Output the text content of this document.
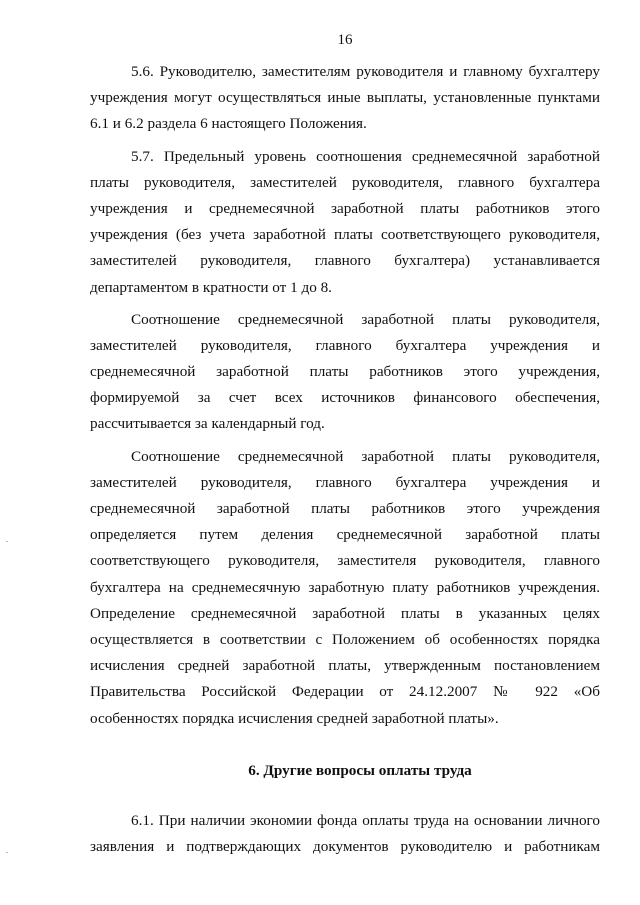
16
5.6. Руководителю, заместителям руководителя и главному бухгалтеру
учреждения могут осуществляться иные выплаты, установленные пунктами
6.1 и 6.2 раздела 6 настоящего Положения.
5.7. Предельный уровень соотношения среднемесячной заработной
платы руководителя, заместителей руководителя, главного бухгалтера
учреждения и среднемесячной заработной платы работников этого
учреждения (без учета заработной платы соответствующего руководителя,
заместителей руководителя, главного бухгалтера) устанавливается
департаментом в кратности от 1 до 8.
Соотношение среднемесячной заработной платы руководителя,
заместителей руководителя, главного бухгалтера учреждения и
среднемесячной заработной платы работников этого учреждения,
формируемой за счет всех источников финансового обеспечения,
рассчитывается за календарный год.
Соотношение среднемесячной заработной платы руководителя,
заместителей руководителя, главного бухгалтера учреждения и
среднемесячной заработной платы работников этого учреждения
определяется путем деления среднемесячной заработной платы
соответствующего руководителя, заместителя руководителя, главного
бухгалтера на среднемесячную заработную плату работников учреждения.
Определение среднемесячной заработной платы в указанных целях
осуществляется в соответствии с Положением об особенностях порядка
исчисления средней заработной платы, утвержденным постановлением
Правительства Российской Федерации от 24.12.2007 № 922 «Об
особенностях порядка исчисления средней заработной платы».
6. Другие вопросы оплаты труда
6.1. При наличии экономии фонда оплаты труда на основании личного
заявления и подтверждающих документов руководителю и работникам
